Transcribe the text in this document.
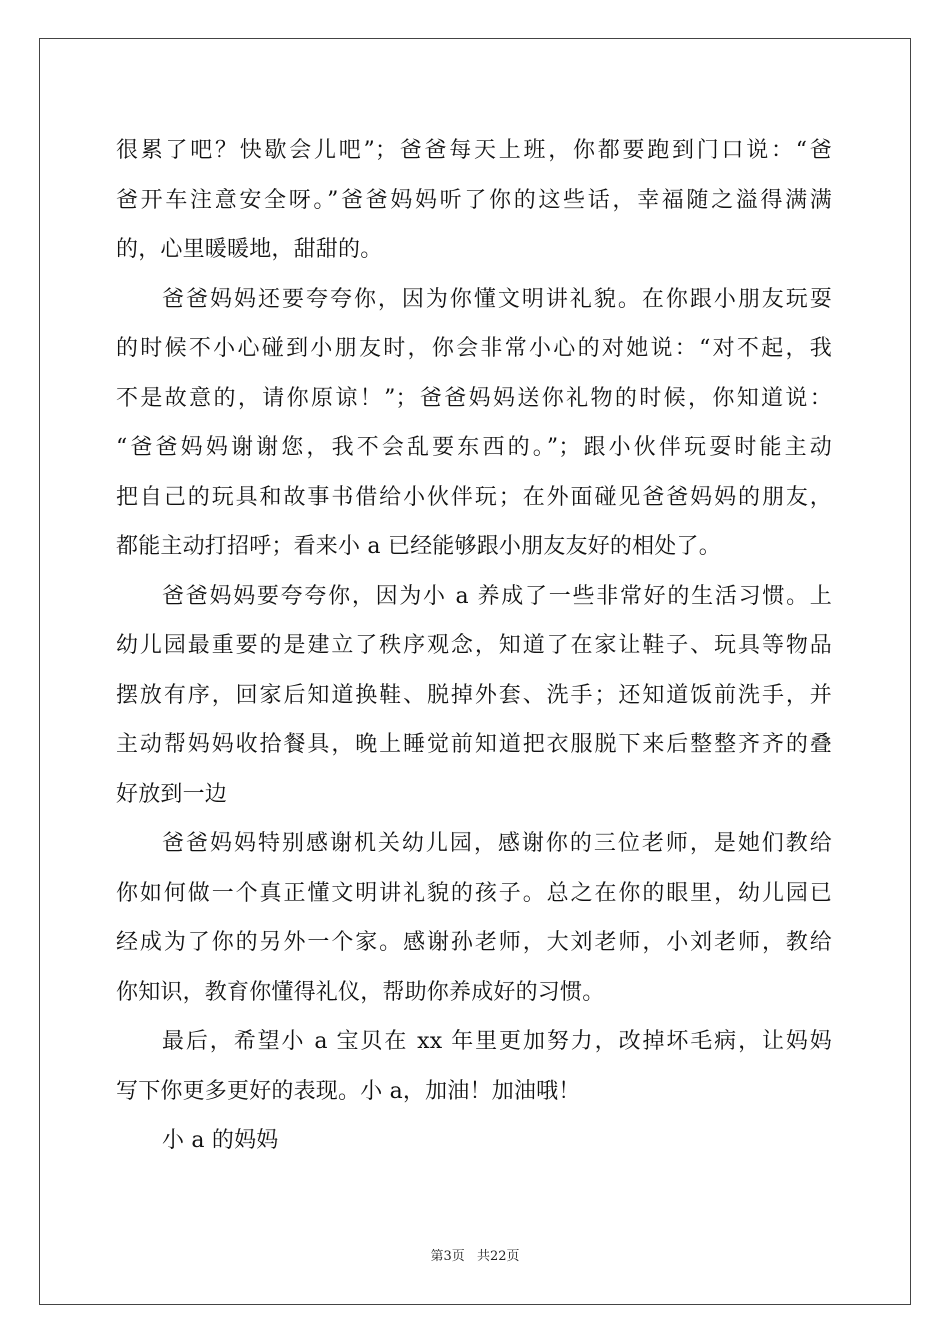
很累了吧？快歇会儿吧”；爸爸每天上班，你都要跑到门口说：“爸
爸开车注意安全呀。”爸爸妈妈听了你的这些话，幸福随之溢得满满
的，心里暖暖地，甜甜的。
爸爸妈妈还要夸夸你，因为你懂文明讲礼貌。在你跟小朋友玩耍
的时候不小心碰到小朋友时，你会非常小心的对她说：“对不起，我
不是故意的，请你原谅！”；爸爸妈妈送你礼物的时候，你知道说：
“爸爸妈妈谢谢您，我不会乱要东西的。”；跟小伙伴玩耍时能主动
把自己的玩具和故事书借给小伙伴玩；在外面碰见爸爸妈妈的朋友，
都能主动打招呼；看来小 a 已经能够跟小朋友友好的相处了。
爸爸妈妈要夸夸你，因为小 a 养成了一些非常好的生活习惯。上
幼儿园最重要的是建立了秩序观念，知道了在家让鞋子、玩具等物品
摆放有序，回家后知道换鞋、脱掉外套、洗手；还知道饭前洗手，并
主动帮妈妈收拾餐具，晚上睡觉前知道把衣服脱下来后整整齐齐的叠
好放到一边
爸爸妈妈特别感谢机关幼儿园，感谢你的三位老师，是她们教给
你如何做一个真正懂文明讲礼貌的孩子。总之在你的眼里，幼儿园已
经成为了你的另外一个家。感谢孙老师，大刘老师，小刘老师，教给
你知识，教育你懂得礼仪，帮助你养成好的习惯。
最后，希望小 a 宝贝在 xx 年里更加努力，改掉坏毛病，让妈妈
写下你更多更好的表现。小 a，加油！加油哦！
小 a 的妈妈
第3页 共22页
